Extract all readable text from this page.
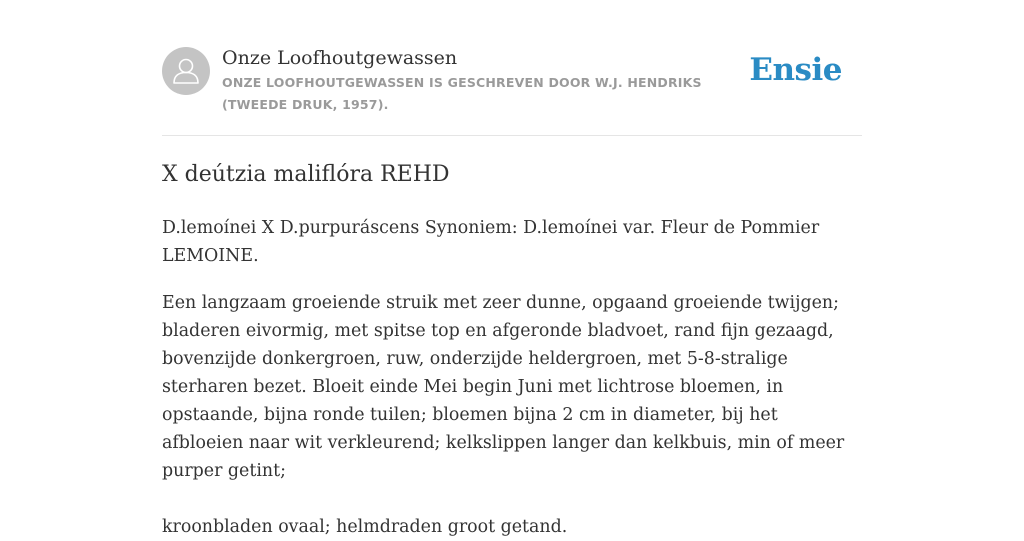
Onze Loofhoutgewassen
ONZE LOOFHOUTGEWASSEN IS GESCHREVEN DOOR W.J. HENDRIKS (TWEEDE DRUK, 1957).
Ensie
X deútzia maliflóra REHD

D.lemoínei X D.purpuráscens Synoniem: D.lemoínei var. Fleur de Pommier LEMOINE.

Een langzaam groeiende struik met zeer dunne, opgaand groeiende twijgen; bladeren eivormig, met spitse top en afgeronde bladvoet, rand fijn gezaagd, bovenzijde donkergroen, ruw, onderzijde heldergroen, met 5-8-stralige sterharen bezet. Bloeit einde Mei begin Juni met lichtrose bloemen, in opstaande, bijna ronde tuilen; bloemen bijna 2 cm in diameter, bij het afbloeien naar wit verkleurend; kelkslippen langer dan kelkbuis, min of meer purper getint;

kroonbladen ovaal; helmdraden groot getand.
